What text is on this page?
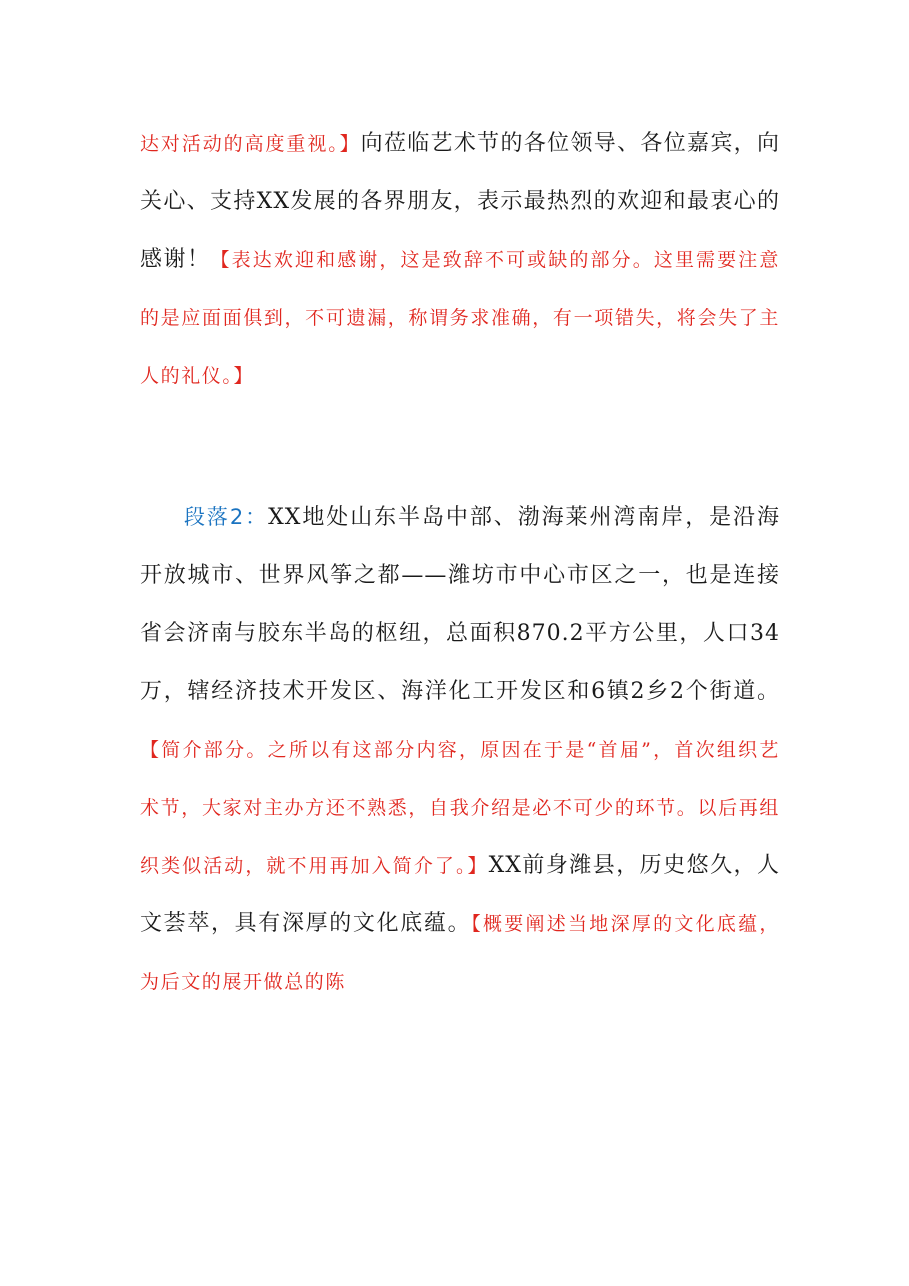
达对活动的高度重视。】向莅临艺术节的各位领导、各位嘉宾，向关心、支持XX发展的各界朋友，表示最热烈的欢迎和最衷心的感谢！【表达欢迎和感谢，这是致辞不可或缺的部分。这里需要注意的是应面面俱到，不可遗漏，称谓务求准确，有一项错失，将会失了主人的礼仪。】

段落2：XX地处山东半岛中部、渤海莱州湾南岸，是沿海开放城市、世界风筝之都——潍坊市中心市区之一，也是连接省会济南与胶东半岛的枢纽，总面积870.2平方公里，人口34万，辖经济技术开发区、海洋化工开发区和6镇2乡2个街道。【简介部分。之所以有这部分内容，原因在于是“首届”，首次组织艺术节，大家对主办方还不熟悉，自我介绍是必不可少的环节。以后再组织类似活动，就不用再加入简介了。】XX前身潍县，历史悠久，人文荟萃，具有深厚的文化底蕴。【概要阐述当地深厚的文化底蕴，为后文的展开做总的陈
